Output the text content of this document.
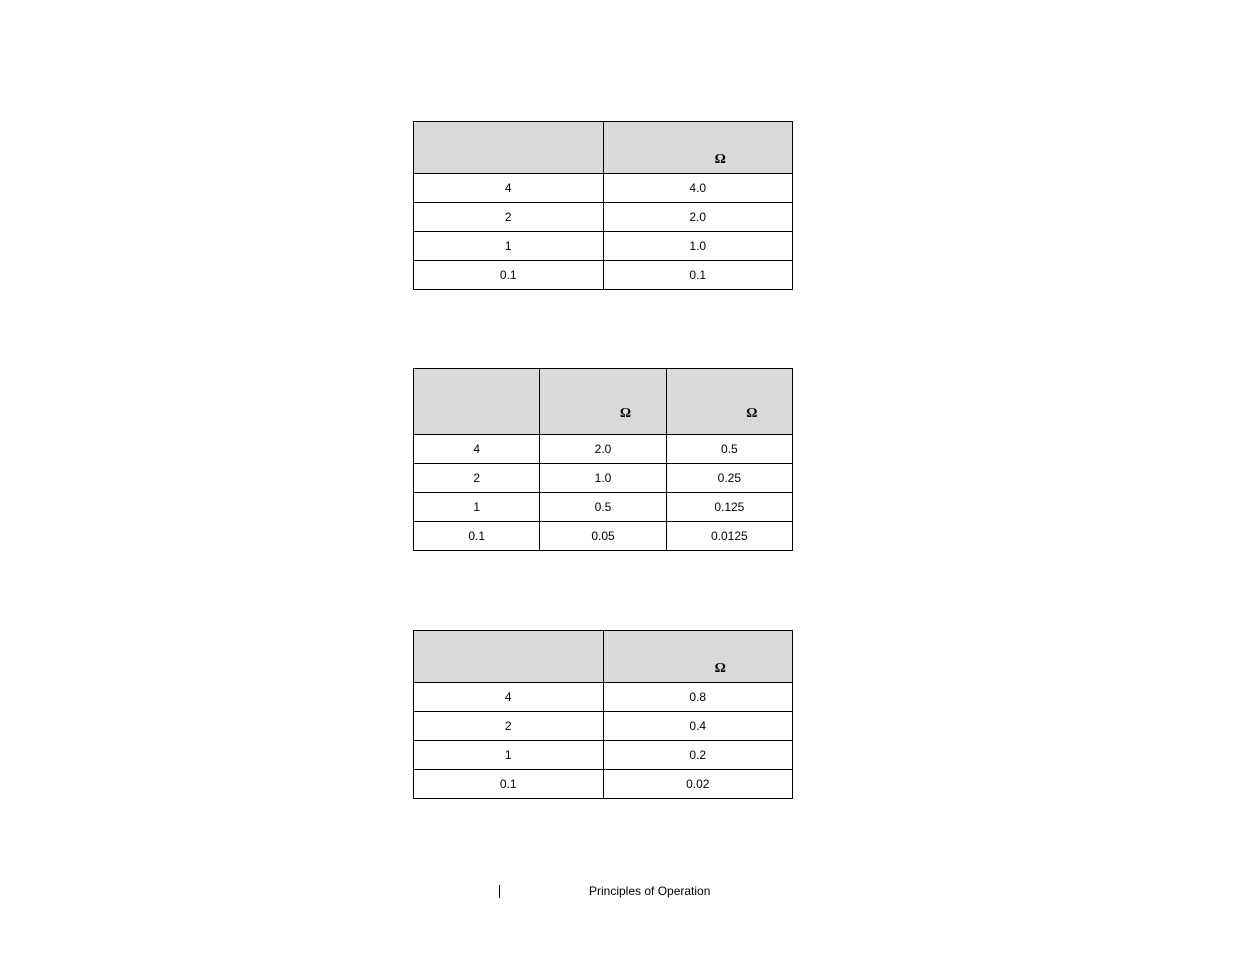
	Ω
4	4.0
2	2.0
1	1.0
0.1	0.1
	Ω	Ω
4	2.0	0.5
2	1.0	0.25
1	0.5	0.125
0.1	0.05	0.0125
	Ω
4	0.8
2	0.4
1	0.2
0.1	0.02
Principles of Operation
